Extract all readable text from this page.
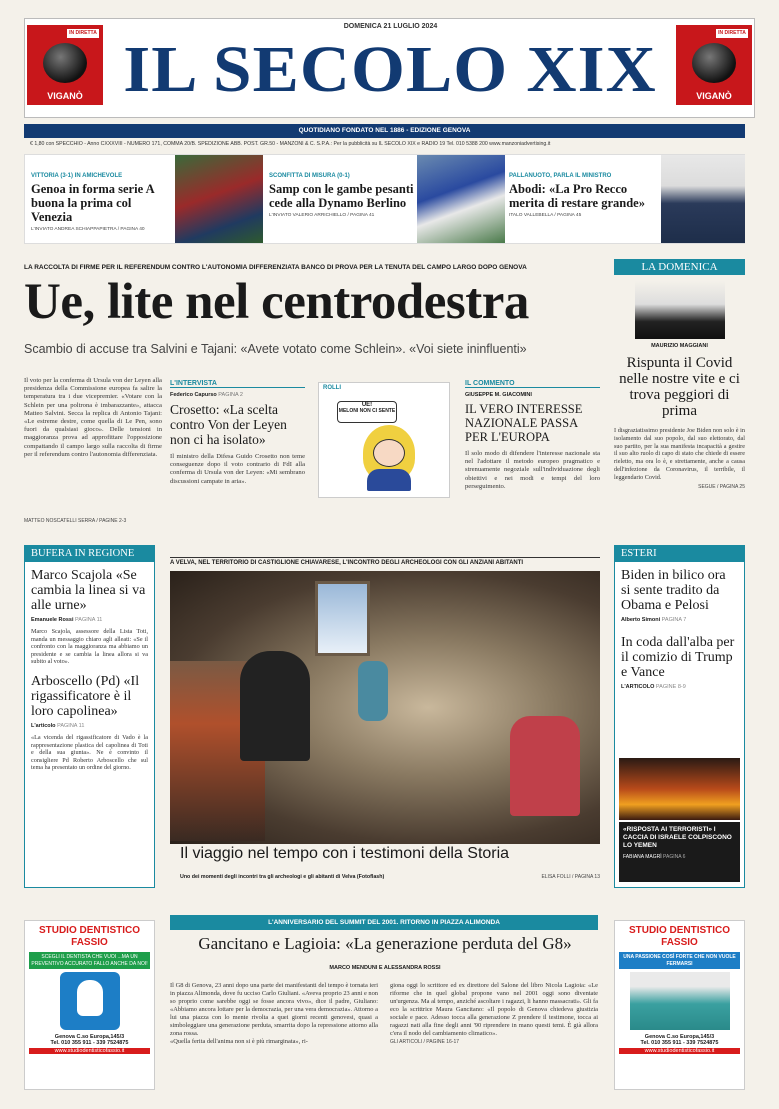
IN DIRETTA
VIGANÒ
DOMENICA 21 LUGLIO 2024
IL SECOLO XIX	IN DIRETTA
VIGANÒ
QUOTIDIANO FONDATO NEL 1886 - EDIZIONE GENOVA
€ 1,80 con SPECCHIO - Anno CXXXVIII - NUMERO 171, COMMA 20/B. SPEDIZIONE ABB. POST. GR.50 - MANZONI & C. S.P.A.: Per la pubblicità su IL SECOLO XIX e RADIO 19 Tel. 010 5388 200 www.manzoniadvertising.it
VITTORIA (3-1) IN AMICHEVOLE
Genoa in forma serie A buona la prima col Venezia
L'INVIATO ANDREA SCHIAPPAPIETRA / PAGINA 40
SCONFITTA DI MISURA (0-1)
Samp con le gambe pesanti cede alla Dynamo Berlino
L'INVIATO VALERIO ARRICHIELLO / PAGINA 41
PALLANUOTO, PARLA IL MINISTRO
Abodi: «La Pro Recco merita di restare grande»
ITALO VALLEBELLA / PAGINA 45
LA RACCOLTA DI FIRME PER IL REFERENDUM CONTRO L'AUTONOMIA DIFFERENZIATA BANCO DI PROVA PER LA TENUTA DEL CAMPO LARGO DOPO GENOVA
Ue, lite nel centrodestra
Scambio di accuse tra Salvini e Tajani: «Avete votato come Schlein». «Voi siete ininfluenti»
Il voto per la conferma di Ursula von der Leyen alla presidenza della Commissione europea fa salire la temperatura tra i due vicepremier. «Votare con la Schlein per una poltrona è imbarazzante», attacca Matteo Salvini. Secca la replica di Antonio Tajani: «Le estreme destre, come quella di Le Pen, sono fuori da qualsiasi gioco». Delle tensioni in maggioranza prova ad approfittare l'opposizione compattando il campo largo sulla raccolta di firme per il referendum contro l'autonomia differenziata.
MATTEO NOSCATELLI SERRA / PAGINE 2-3
L'INTERVISTA
Federico Capurso PAGINA 2
Crosetto: «La scelta contro Von der Leyen non ci ha isolato»
Il ministro della Difesa Guido Crosetto non teme conseguenze dopo il voto contrario di FdI alla conferma di Ursula von der Leyen: «Mi sembrano discussioni campate in aria».
ROLLI
UE!
MELONI NON CI SENTE
IL COMMENTO
GIUSEPPE M. GIACOMINI
IL VERO INTERESSE NAZIONALE PASSA PER L'EUROPA
Il solo modo di difendere l'interesse nazionale sta nel l'adottare il metodo europeo pragmatico e strenuamente negoziale sull'individuazione degli obiettivi e nei modi e tempi del loro perseguimento.
LA DOMENICA
MAURIZIO MAGGIANI
Rispunta il Covid nelle nostre vite e ci trova peggiori di prima
I disgraziatissimo presidente Joe Biden non solo è in isolamento dal suo popolo, dal suo elettorato, dal suo partito, per la sua manifesta incapacità a gestire il suo alto ruolo di capo di stato che chiede di essere rieletto, ma ora lo è, e strettamente, anche a causa dell'infezione da Coronavirus, il terribile, il leggendario Covid.
SEGUE / PAGINA 25
BUFERA IN REGIONE
Marco Scajola «Se cambia la linea si va alle urne»
Emanuele Rossi PAGINA 11
Marco Scajola, assessore della Lista Toti, manda un messaggio chiaro agli alleati: «Se il confronto con la maggioranza ma abbiamo un presidente e se cambia la linea allora si va subito al voto».
Arboscello (Pd) «Il rigassificatore è il loro capolinea»
L'articolo PAGINA 11
«La vicenda del rigassificatore di Vado è la rappresentazione plastica del capolinea di Toti e della sua giunta». Ne è convinto il consigliere Pd Roberto Arboscello che sul tema ha presentato un ordine del giorno.
A VELVA, NEL TERRITORIO DI CASTIGLIONE CHIAVARESE, L'INCONTRO DEGLI ARCHEOLOGI CON GLI ANZIANI ABITANTI
Il viaggio nel tempo con i testimoni della Storia
Uno dei momenti degli incontri tra gli archeologi e gli abitanti di Velva (Fotoflash)	ELISA FOLLI / PAGINA 13
ESTERI
Biden in bilico ora si sente tradito da Obama e Pelosi
Alberto Simoni PAGINA 7
In coda dall'alba per il comizio di Trump e Vance
L'ARTICOLO PAGINE 8-9
«RISPOSTA AI TERRORISTI» I CACCIA DI ISRAELE COLPISCONO LO YEMEN
FABIANA MAGRÌ PAGINA 6
L'ANNIVERSARIO DEL SUMMIT DEL 2001. RITORNO IN PIAZZA ALIMONDA
Gancitano e Lagioia: «La generazione perduta del G8»
MARCO MENDUNI E ALESSANDRA ROSSI
Il G8 di Genova, 23 anni dopo una parte dei manifestanti del tempo è tornata ieri in piazza Alimonda, dove fu ucciso Carlo Giuliani. «Aveva proprio 23 anni e non so proprio come sarebbe oggi se fosse ancora vivo», dice il padre, Giuliano: «Abbiamo ancora lottare per la democrazia, per una vera democrazia». Attorno a lui una piazza con lo mente rivolta a quei giorni recenti genovesi, quasi a simboleggiare una generazione perduta, smarrita dopo la repressione attorno alla zona rossa.
«Quella ferita dell'anima non si è più rimarginata», ri-
giona oggi lo scrittore ed ex direttore del Salone del libro Nicola Lagioia: «Le riforme che in quel global propone vano nel 2001 oggi sono diventate un'urgenza. Ma al tempo, anziché ascoltare i ragazzi, li hanno massacrati». Gli fa eco la scrittrice Maura Gancitano: «Il popolo di Genova chiedeva giustizia sociale e pace. Adesso tocca alla generazione Z prendere il testimone, tocca ai ragazzi nati alla fine degli anni '90 riprendere in mano questi temi. È già allora c'era il nodo del cambiamento climatico».
GLI ARTICOLI / PAGINE 16-17
STUDIO DENTISTICO FASSIO
SCEGLI IL DENTISTA CHE VUOI ...MA UN PREVENTIVO ACCURATO FALLO ANCHE DA NOI!
Genova C.so Europa,145/3
Tel. 010 355 911 - 339 7524875
www.studiodentisticofassio.it
STUDIO DENTISTICO FASSIO
UNA PASSIONE COSÌ FORTE CHE NON VUOLE FERMARSI
Genova C.so Europa,145/3
Tel. 010 355 911 - 339 7524875
www.studiodentisticofassio.it
